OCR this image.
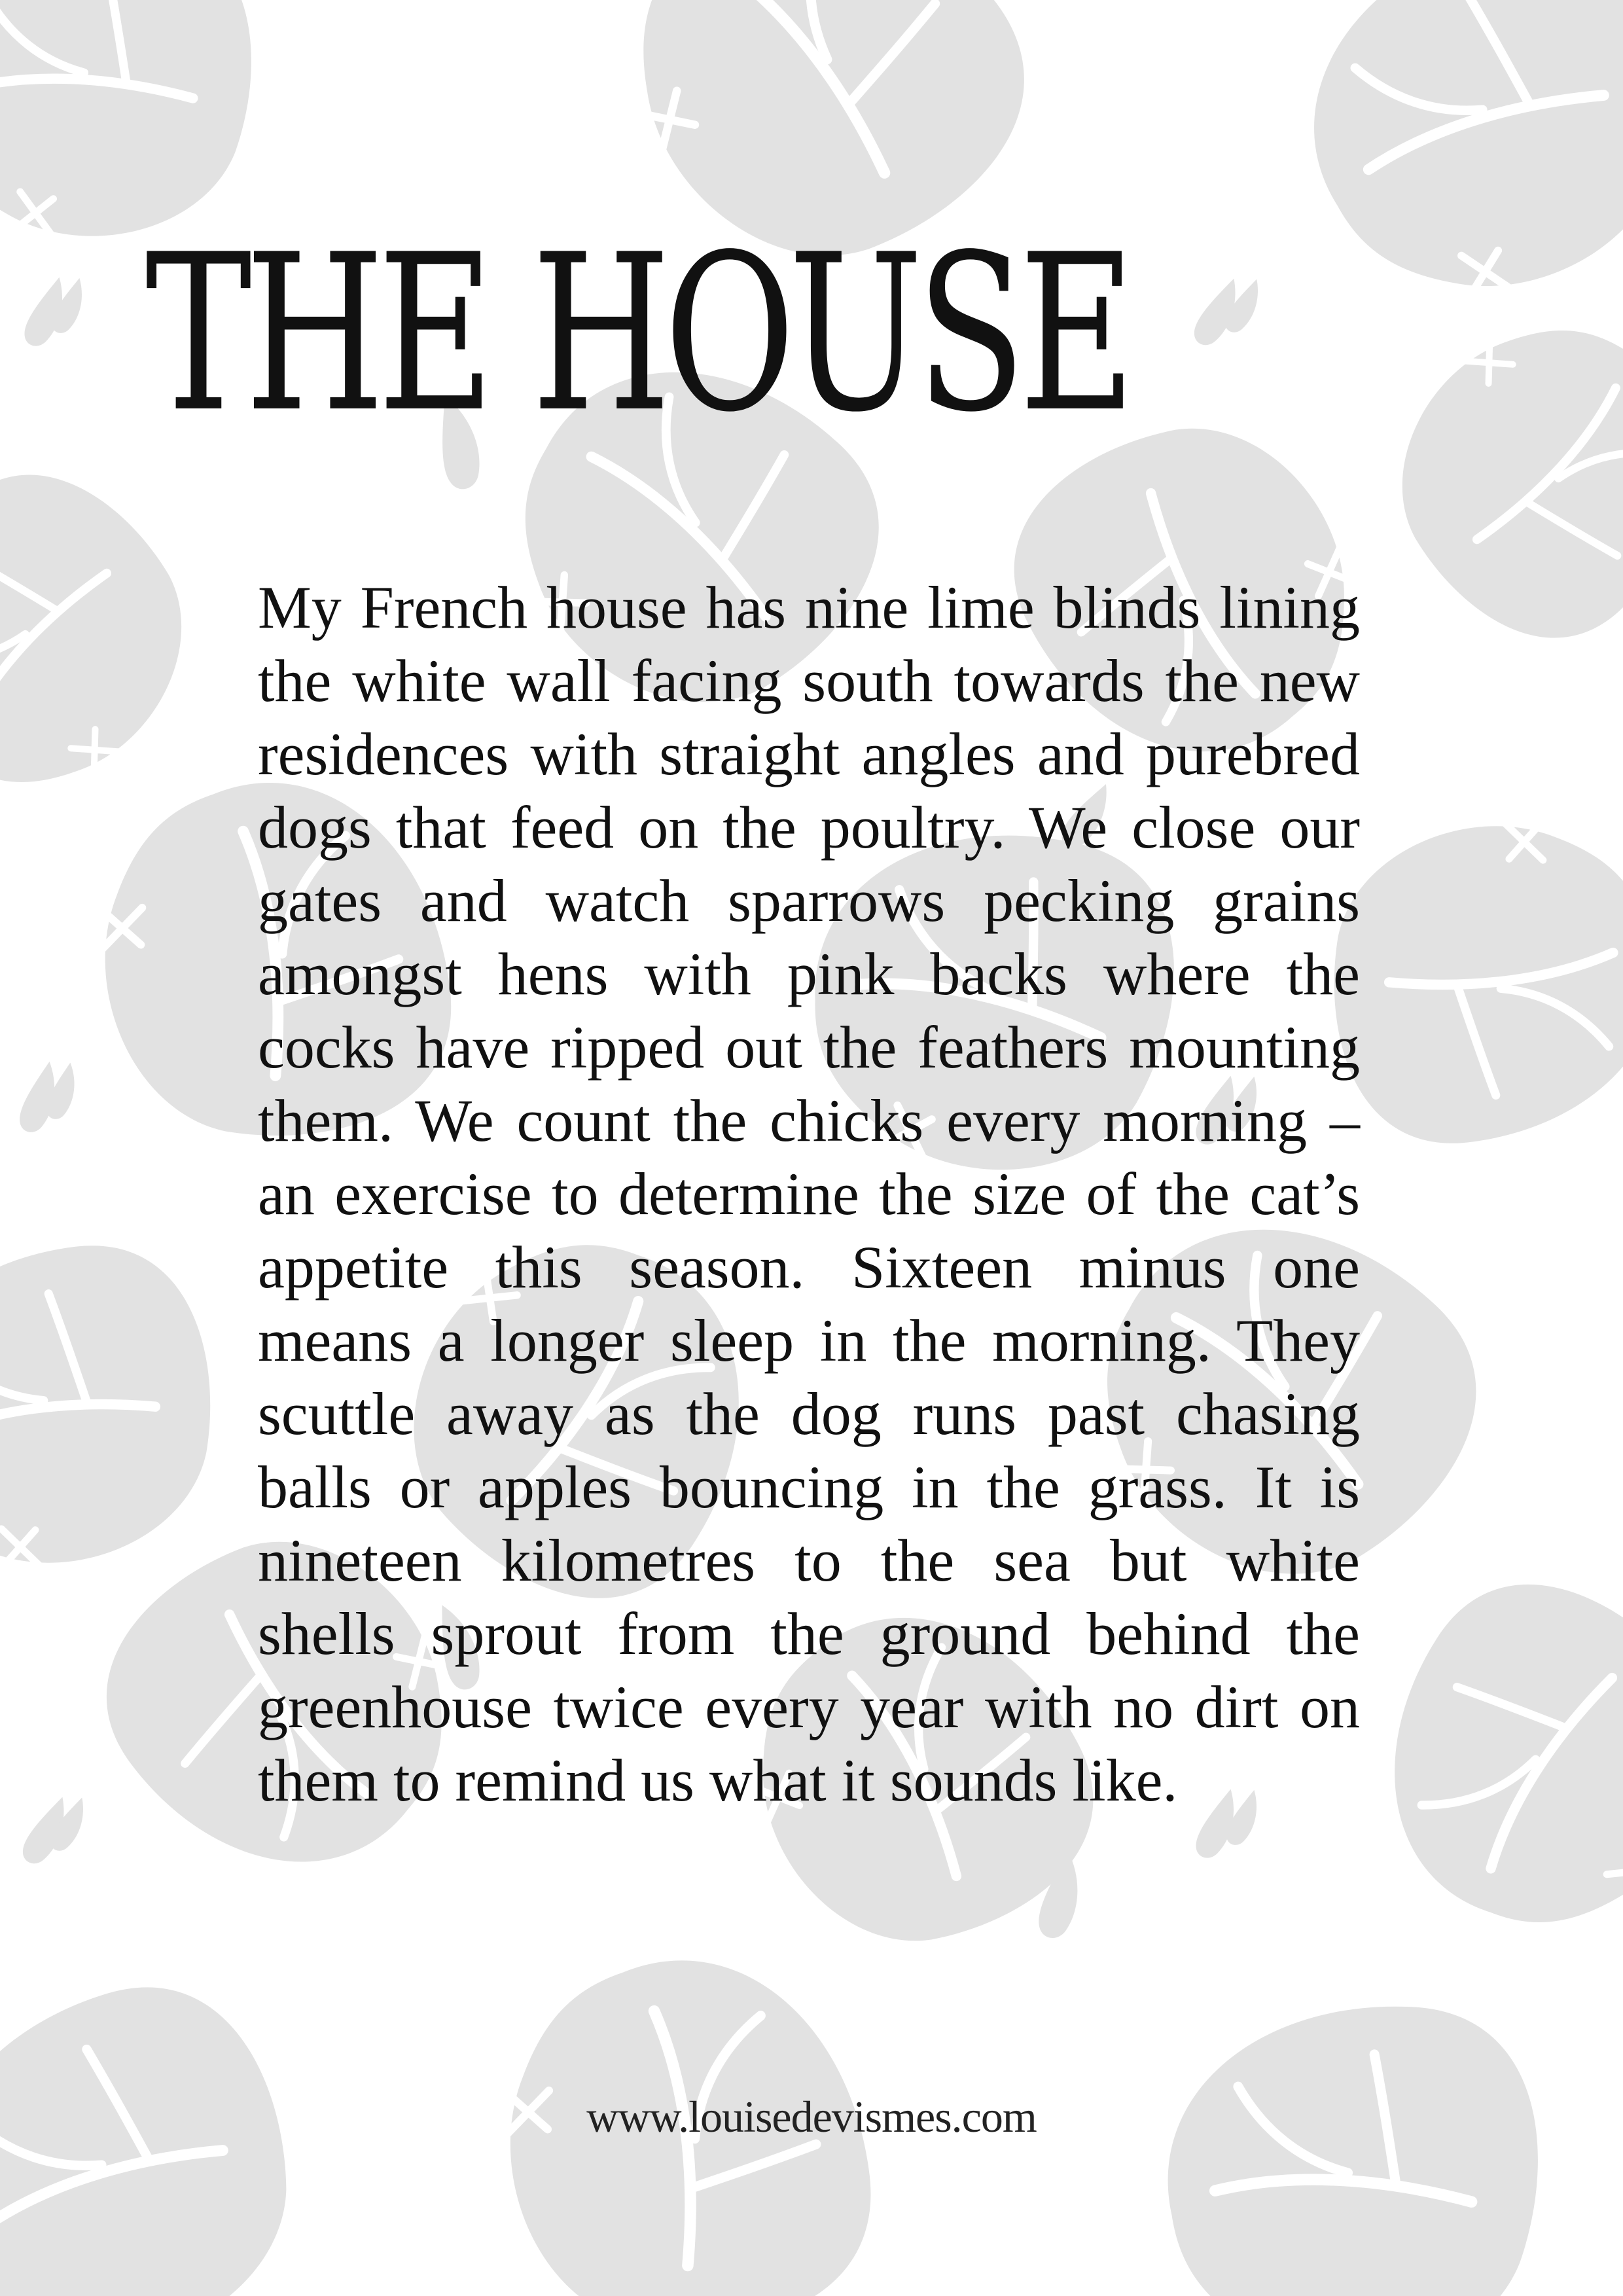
THE HOUSE

My French house has nine lime blinds lining the white wall facing south towards the new residences with straight angles and purebred dogs that feed on the poultry. We close our gates and watch sparrows pecking grains amongst hens with pink backs where the cocks have ripped out the feathers mounting them. We count the chicks every morning – an exercise to determine the size of the cat’s appetite this season. Sixteen minus one means a longer sleep in the morning. They scuttle away as the dog runs past chasing balls or apples bouncing in the grass. It is nineteen kilometres to the sea but white shells sprout from the ground behind the greenhouse twice every year with no dirt on them to remind us what it sounds like.

www.louisedevismes.com
